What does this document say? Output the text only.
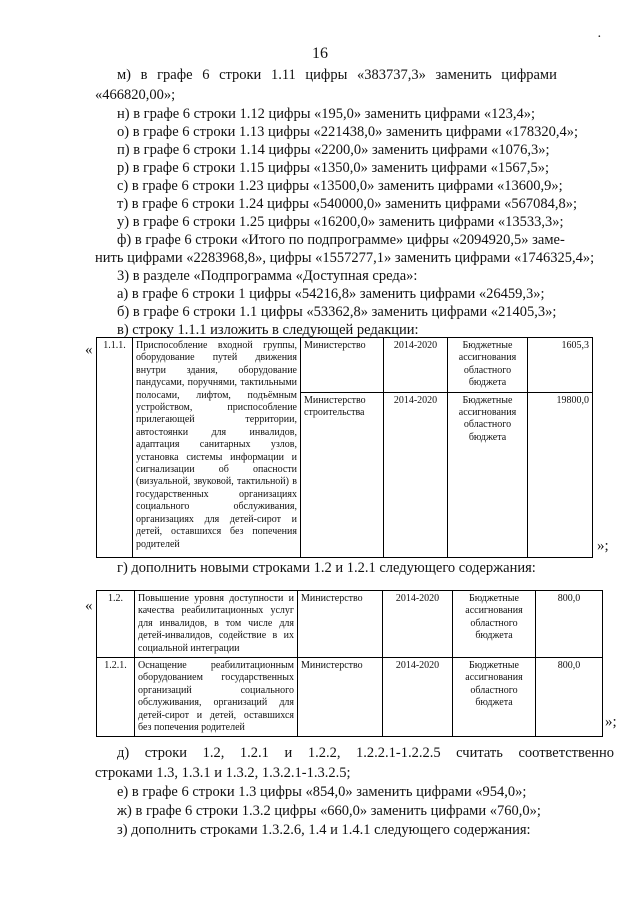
·
16
м) в графе 6 строки 1.11 цифры «383737,3» заменить цифрами
«466820,00»;
н) в графе 6 строки 1.12 цифры «195,0» заменить цифрами «123,4»;
о) в графе 6 строки 1.13 цифры «221438,0» заменить цифрами «178320,4»;
п) в графе 6 строки 1.14 цифры «2200,0» заменить цифрами «1076,3»;
р) в графе 6 строки 1.15 цифры «1350,0» заменить цифрами «1567,5»;
с) в графе 6 строки 1.23 цифры «13500,0» заменить цифрами «13600,9»;
т) в графе 6 строки 1.24 цифры «540000,0» заменить цифрами «567084,8»;
у) в графе 6 строки 1.25 цифры «16200,0» заменить цифрами «13533,3»;
ф) в графе 6 строки «Итого по подпрограмме» цифры «2094920,5» заме-
нить цифрами «2283968,8», цифры «1557277,1» заменить цифрами «1746325,4»;
3) в разделе «Подпрограмма «Доступная среда»:
а) в графе 6 строки 1 цифры «54216,8» заменить цифрами «26459,3»;
б) в графе 6 строки 1.1 цифры «53362,8» заменить цифрами «21405,3»;
в) строку 1.1.1 изложить в следующей редакции:
« 1.1.1.	Приспособление входной группы, оборудование путей движения внутри здания, оборудование пандусами, поручнями, тактильными полосами, лифтом, подъёмным устройством, приспособление прилегающей территории, автостоянки для инвалидов, адаптация санитарных узлов, установка системы информации и сигнализации об опасности (визуальной, звуковой, тактильной) в государственных организациях социального обслуживания, организациях для детей-сирот и детей, оставшихся без попечения родителей	Министерство	2014-2020	Бюджетные ассигнования областного бюджета	1605,3
		Министерство строительства	2014-2020	Бюджетные ассигнования областного бюджета	19800,0
»;
г) дополнить новыми строками 1.2 и 1.2.1 следующего содержания:
« 1.2.	Повышение уровня доступности и качества реабилитационных услуг для инвалидов, в том числе для детей-инвалидов, содействие в их социальной интеграции	Министерство	2014-2020	Бюджетные ассигнования областного бюджета	800,0
1.2.1.	Оснащение реабилитационным оборудованием государственных организаций социального обслуживания, организаций для детей-сирот и детей, оставшихся без попечения родителей	Министерство	2014-2020	Бюджетные ассигнования областного бюджета	800,0
»;
д) строки 1.2, 1.2.1 и 1.2.2, 1.2.2.1-1.2.2.5 считать соответственно
строками 1.3, 1.3.1 и 1.3.2, 1.3.2.1-1.3.2.5;
е) в графе 6 строки 1.3 цифры «854,0» заменить цифрами «954,0»;
ж) в графе 6 строки 1.3.2 цифры «660,0» заменить цифрами «760,0»;
з) дополнить строками 1.3.2.6, 1.4 и 1.4.1 следующего содержания:
